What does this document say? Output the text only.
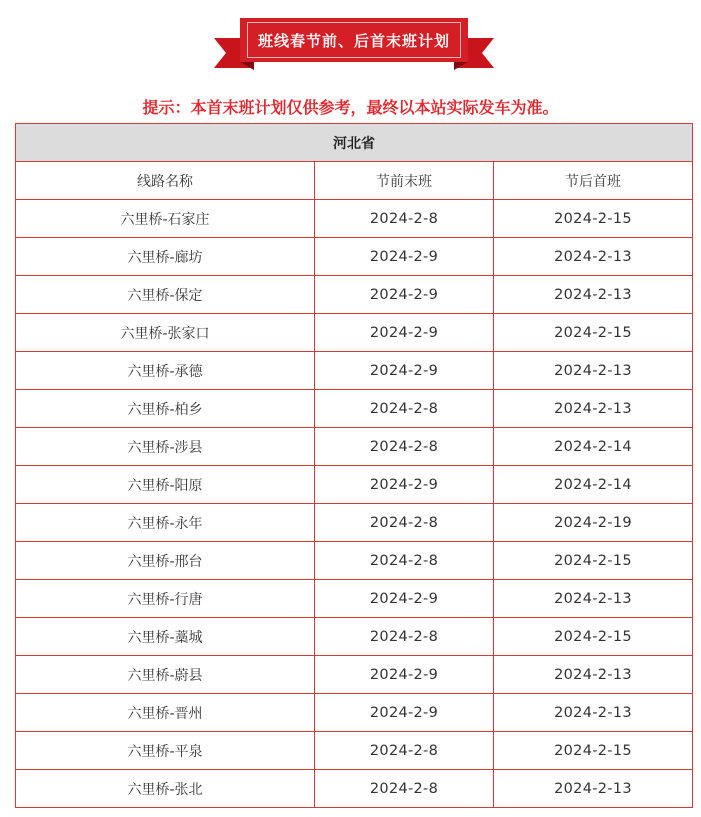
班线春节前、后首末班计划
提示：本首末班计划仅供参考，最终以本站实际发车为准。
河北省		
线路名称	节前末班	节后首班
六里桥-石家庄	2024-2-8	2024-2-15
六里桥-廊坊	2024-2-9	2024-2-13
六里桥-保定	2024-2-9	2024-2-13
六里桥-张家口	2024-2-9	2024-2-15
六里桥-承德	2024-2-9	2024-2-13
六里桥-柏乡	2024-2-8	2024-2-13
六里桥-涉县	2024-2-8	2024-2-14
六里桥-阳原	2024-2-9	2024-2-14
六里桥-永年	2024-2-8	2024-2-19
六里桥-邢台	2024-2-8	2024-2-15
六里桥-行唐	2024-2-9	2024-2-13
六里桥-藁城	2024-2-8	2024-2-15
六里桥-蔚县	2024-2-9	2024-2-13
六里桥-晋州	2024-2-9	2024-2-13
六里桥-平泉	2024-2-8	2024-2-15
六里桥-张北	2024-2-8	2024-2-13
